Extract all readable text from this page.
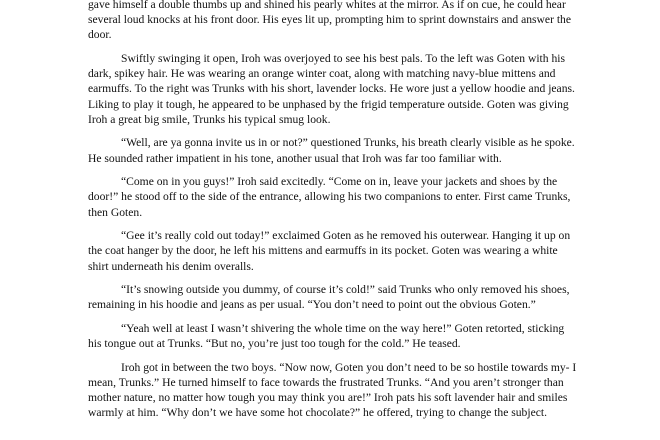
gave himself a double thumbs up and shined his pearly whites at the mirror. As if on cue, he could hear several loud knocks at his front door. His eyes lit up, prompting him to sprint downstairs and answer the door.

Swiftly swinging it open, Iroh was overjoyed to see his best pals. To the left was Goten with his dark, spikey hair. He was wearing an orange winter coat, along with matching navy-blue mittens and earmuffs. To the right was Trunks with his short, lavender locks. He wore just a yellow hoodie and jeans. Liking to play it tough, he appeared to be unphased by the frigid temperature outside. Goten was giving Iroh a great big smile, Trunks his typical smug look.

“Well, are ya gonna invite us in or not?” questioned Trunks, his breath clearly visible as he spoke. He sounded rather impatient in his tone, another usual that Iroh was far too familiar with.

“Come on in you guys!” Iroh said excitedly. “Come on in, leave your jackets and shoes by the door!” he stood off to the side of the entrance, allowing his two companions to enter. First came Trunks, then Goten.

“Gee it’s really cold out today!” exclaimed Goten as he removed his outerwear. Hanging it up on the coat hanger by the door, he left his mittens and earmuffs in its pocket. Goten was wearing a white shirt underneath his denim overalls.

“It’s snowing outside you dummy, of course it’s cold!” said Trunks who only removed his shoes, remaining in his hoodie and jeans as per usual. “You don’t need to point out the obvious Goten.”

“Yeah well at least I wasn’t shivering the whole time on the way here!” Goten retorted, sticking his tongue out at Trunks. “But no, you’re just too tough for the cold.” He teased.

Iroh got in between the two boys. “Now now, Goten you don’t need to be so hostile towards my- I mean, Trunks.” He turned himself to face towards the frustrated Trunks. “And you aren’t stronger than mother nature, no matter how tough you may think you are!” Iroh pats his soft lavender hair and smiles warmly at him. “Why don’t we have some hot chocolate?” he offered, trying to change the subject.
